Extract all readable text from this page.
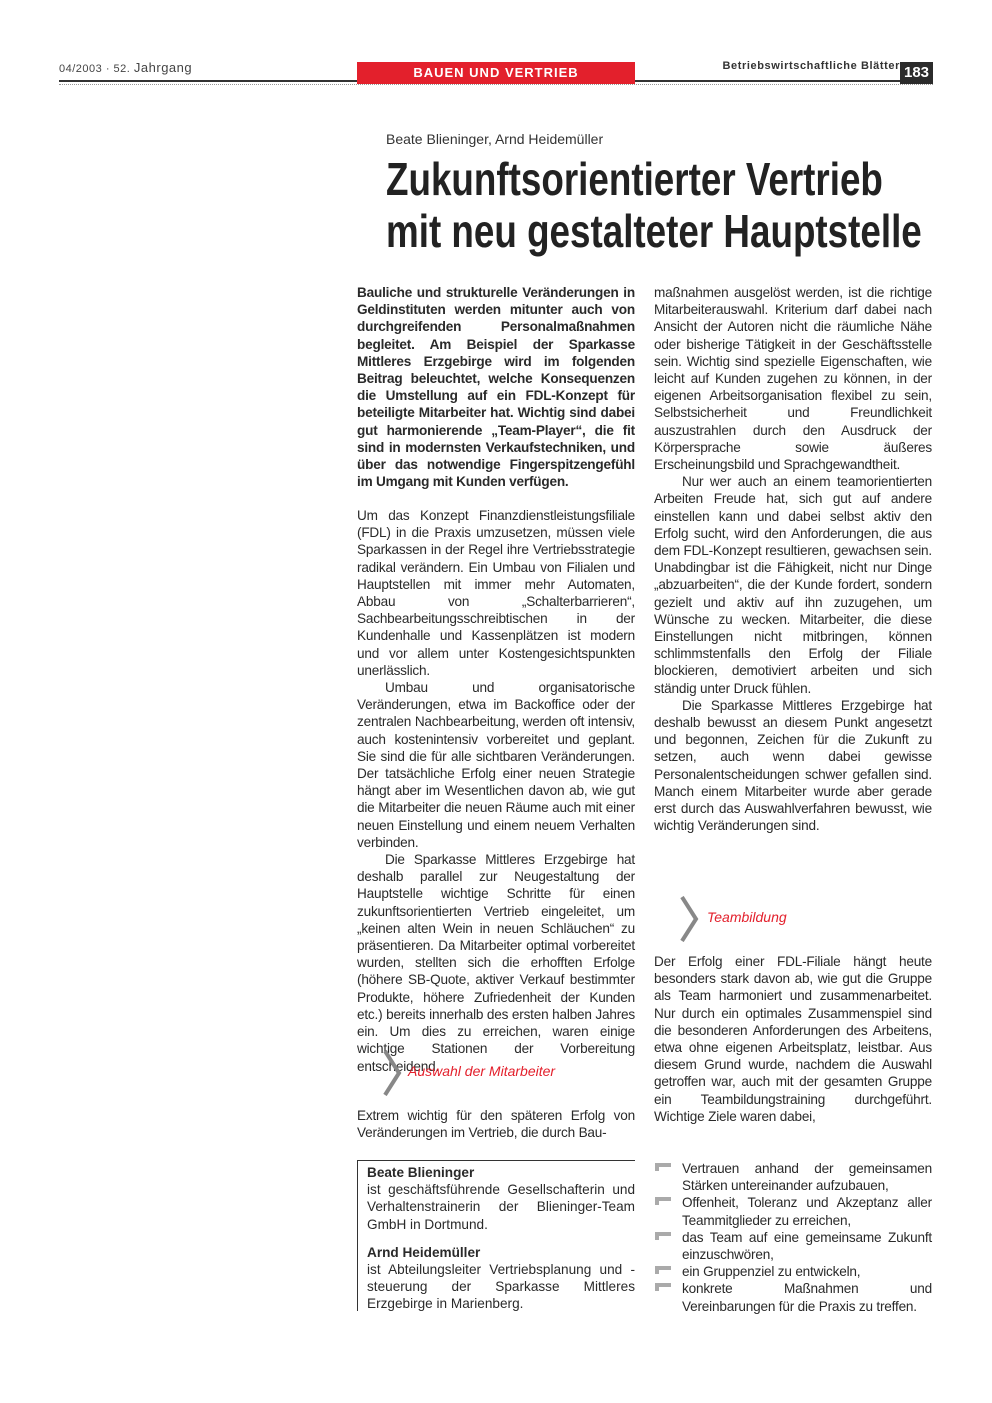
04/2003 · 52. Jahrgang	BAUEN UND VERTRIEB	Betriebswirtschaftliche Blätter 183
Beate Blieninger, Arnd Heidemüller
Zukunftsorientierter Vertrieb
mit neu gestalteter Hauptstelle
Bauliche und strukturelle Veränderungen in Geldinstituten werden mitunter auch von durchgreifenden Personalmaßnahmen begleitet. Am Beispiel der Sparkasse Mittleres Erzgebirge wird im folgenden Beitrag beleuchtet, welche Konsequenzen die Umstellung auf ein FDL-Konzept für beteiligte Mitarbeiter hat. Wichtig sind dabei gut harmonierende „Team-Player“, die fit sind in modernsten Verkaufstechniken, und über das notwendige Fingerspitzengefühl im Umgang mit Kunden verfügen.

Um das Konzept Finanzdienstleistungsfiliale (FDL) in die Praxis umzusetzen, müssen viele Sparkassen in der Regel ihre Vertriebsstrategie radikal verändern. Ein Umbau von Filialen und Hauptstellen mit immer mehr Automaten, Abbau von „Schalterbarrieren“, Sachbearbeitungsschreibtischen in der Kundenhalle und Kassenplätzen ist modern und vor allem unter Kostengesichtspunkten unerlässlich.

Umbau und organisatorische Veränderungen, etwa im Backoffice oder der zentralen Nachbearbeitung, werden oft intensiv, auch kostenintensiv vorbereitet und geplant. Sie sind die für alle sichtbaren Veränderungen. Der tatsächliche Erfolg einer neuen Strategie hängt aber im Wesentlichen davon ab, wie gut die Mitarbeiter die neuen Räume auch mit einer neuen Einstellung und einem neuem Verhalten verbinden.

Die Sparkasse Mittleres Erzgebirge hat deshalb parallel zur Neugestaltung der Hauptstelle wichtige Schritte für einen zukunftsorientierten Vertrieb eingeleitet, um „keinen alten Wein in neuen Schläuchen“ zu präsentieren. Da Mitarbeiter optimal vorbereitet wurden, stellten sich die erhofften Erfolge (höhere SB-Quote, aktiver Verkauf bestimmter Produkte, höhere Zufriedenheit der Kunden etc.) bereits innerhalb des ersten halben Jahres ein. Um dies zu erreichen, waren einige wichtige Stationen der Vorbereitung entscheidend.

Auswahl der Mitarbeiter
Extrem wichtig für den späteren Erfolg von Veränderungen im Vertrieb, die durch Bau-
Beate Blieninger
ist geschäftsführende Gesellschafterin und Verhaltenstrainerin der Blieninger-Team GmbH in Dortmund.
Arnd Heidemüller
ist Abteilungsleiter Vertriebsplanung und -steuerung der Sparkasse Mittleres Erzgebirge in Marienberg.

maßnahmen ausgelöst werden, ist die richtige Mitarbeiterauswahl. Kriterium darf dabei nach Ansicht der Autoren nicht die räumliche Nähe oder bisherige Tätigkeit in der Geschäftsstelle sein. Wichtig sind spezielle Eigenschaften, wie leicht auf Kunden zugehen zu können, in der eigenen Arbeitsorganisation flexibel zu sein, Selbstsicherheit und Freundlichkeit auszustrahlen durch den Ausdruck der Körpersprache sowie äußeres Erscheinungsbild und Sprachgewandtheit.

Nur wer auch an einem teamorientierten Arbeiten Freude hat, sich gut auf andere einstellen kann und dabei selbst aktiv den Erfolg sucht, wird den Anforderungen, die aus dem FDL-Konzept resultieren, gewachsen sein. Unabdingbar ist die Fähigkeit, nicht nur Dinge „abzuarbeiten“, die der Kunde fordert, sondern gezielt und aktiv auf ihn zuzugehen, um Wünsche zu wecken. Mitarbeiter, die diese Einstellungen nicht mitbringen, können schlimmstenfalls den Erfolg der Filiale blockieren, demotiviert arbeiten und sich ständig unter Druck fühlen.

Die Sparkasse Mittleres Erzgebirge hat deshalb bewusst an diesem Punkt angesetzt und begonnen, Zeichen für die Zukunft zu setzen, auch wenn dabei gewisse Personalentscheidungen schwer gefallen sind. Manch einem Mitarbeiter wurde aber gerade erst durch das Auswahlverfahren bewusst, wie wichtig Veränderungen sind.

Teambildung
Der Erfolg einer FDL-Filiale hängt heute besonders stark davon ab, wie gut die Gruppe als Team harmoniert und zusammenarbeitet. Nur durch ein optimales Zusammenspiel sind die besonderen Anforderungen des Arbeitens, etwa ohne eigenen Arbeitsplatz, leistbar. Aus diesem Grund wurde, nachdem die Auswahl getroffen war, auch mit der gesamten Gruppe ein Teambildungstraining durchgeführt. Wichtige Ziele waren dabei,
Vertrauen anhand der gemeinsamen Stärken untereinander aufzubauen,
Offenheit, Toleranz und Akzeptanz aller Teammitglieder zu erreichen,
das Team auf eine gemeinsame Zukunft einzuschwören,
ein Gruppenziel zu entwickeln,
konkrete Maßnahmen und Vereinbarungen für die Praxis zu treffen.
